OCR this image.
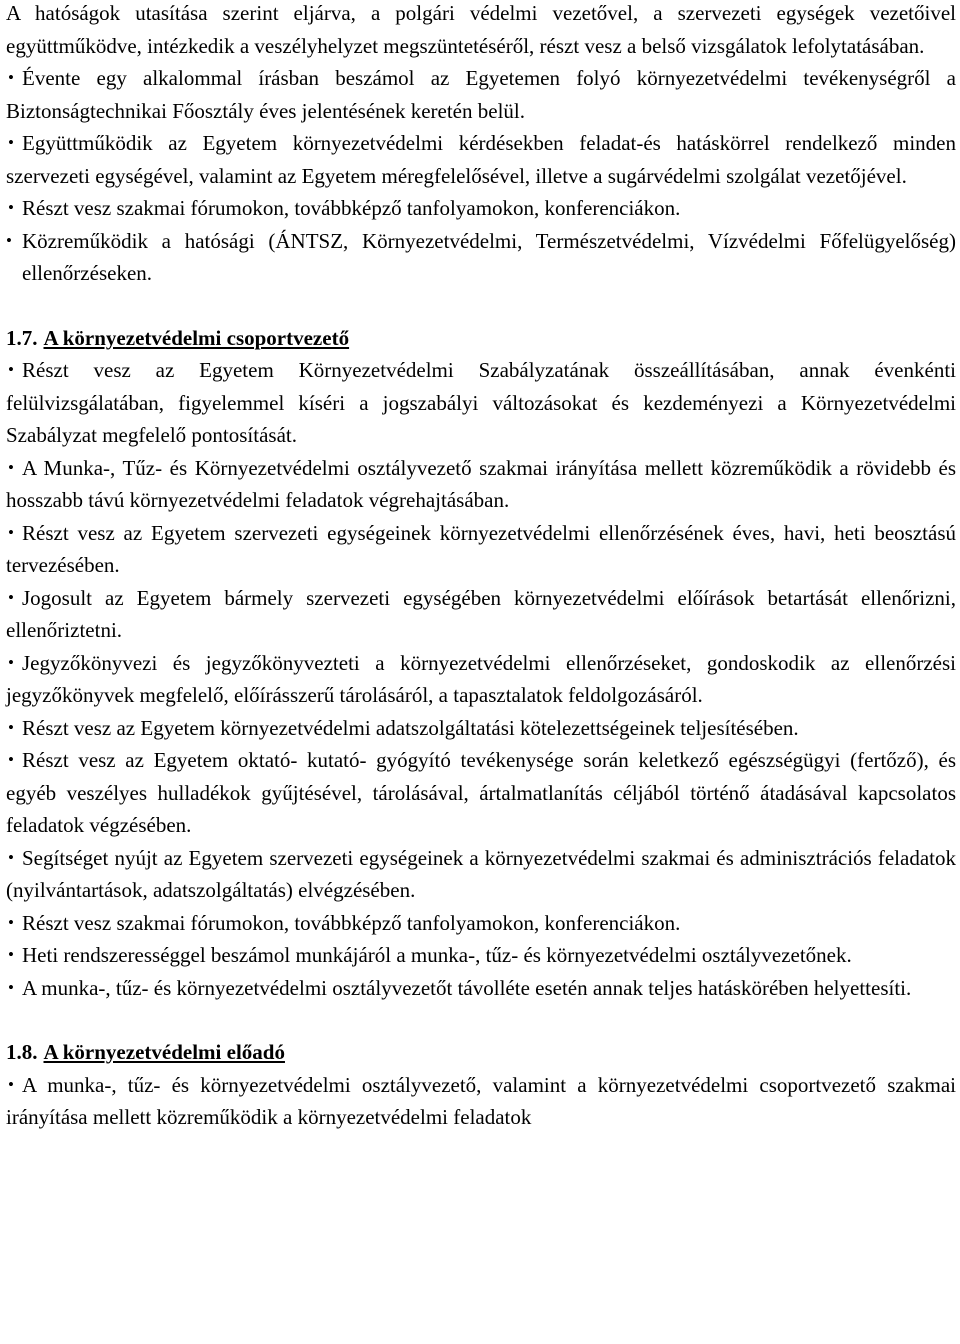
A hatóságok utasítása szerint eljárva, a polgári védelmi vezetővel, a szervezeti egységek vezetőivel együttműködve, intézkedik a veszélyhelyzet megszüntetéséről, részt vesz a belső vizsgálatok lefolytatásában.

• Évente egy alkalommal írásban beszámol az Egyetemen folyó környezetvédelmi tevékenységről a Biztonságtechnikai Főosztály éves jelentésének keretén belül.
• Együttműködik az Egyetem környezetvédelmi kérdésekben feladat-és hatáskörrel rendelkező minden szervezeti egységével, valamint az Egyetem méregfelelősével, illetve a sugárvédelmi szolgálat vezetőjével.
• Részt vesz szakmai fórumokon, továbbképző tanfolyamokon, konferenciákon.
• Közreműködik a hatósági (ÁNTSZ, Környezetvédelmi, Természetvédelmi, Vízvédelmi Főfelügyelőség) ellenőrzéseken.
1.7. A környezetvédelmi csoportvezető
• Részt vesz az Egyetem Környezetvédelmi Szabályzatának összeállításában, annak évenkénti felülvizsgálatában, figyelemmel kíséri a jogszabályi változásokat és kezdeményezi a Környezetvédelmi Szabályzat megfelelő pontosítását.
• A Munka-, Tűz- és Környezetvédelmi osztályvezető szakmai irányítása mellett közreműködik a rövidebb és hosszabb távú környezetvédelmi feladatok végrehajtásában.
• Részt vesz az Egyetem szervezeti egységeinek környezetvédelmi ellenőrzésének éves, havi, heti beosztású tervezésében.
• Jogosult az Egyetem bármely szervezeti egységében környezetvédelmi előírások betartását ellenőrizni, ellenőriztetni.
• Jegyzőkönyvezi és jegyzőkönyvezteti a környezetvédelmi ellenőrzéseket, gondoskodik az ellenőrzési jegyzőkönyvek megfelelő, előírásszerű tárolásáról, a tapasztalatok feldolgozásáról.
• Részt vesz az Egyetem környezetvédelmi adatszolgáltatási kötelezettségeinek teljesítésében.
• Részt vesz az Egyetem oktató- kutató- gyógyító tevékenysége során keletkező egészségügyi (fertőző), és egyéb veszélyes hulladékok gyűjtésével, tárolásával, ártalmatlanítás céljából történő átadásával kapcsolatos feladatok végzésében.
• Segítséget nyújt az Egyetem szervezeti egységeinek a környezetvédelmi szakmai és adminisztrációs feladatok (nyilvántartások, adatszolgáltatás) elvégzésében.
• Részt vesz szakmai fórumokon, továbbképző tanfolyamokon, konferenciákon.
• Heti rendszerességgel beszámol munkájáról a munka-, tűz- és környezetvédelmi osztályvezetőnek.
• A munka-, tűz- és környezetvédelmi osztályvezetőt távolléte esetén annak teljes hatáskörében helyettesíti.
1.8. A környezetvédelmi előadó
• A munka-, tűz- és környezetvédelmi osztályvezető, valamint a környezetvédelmi csoportvezető szakmai irányítása mellett közreműködik a környezetvédelmi feladatok
